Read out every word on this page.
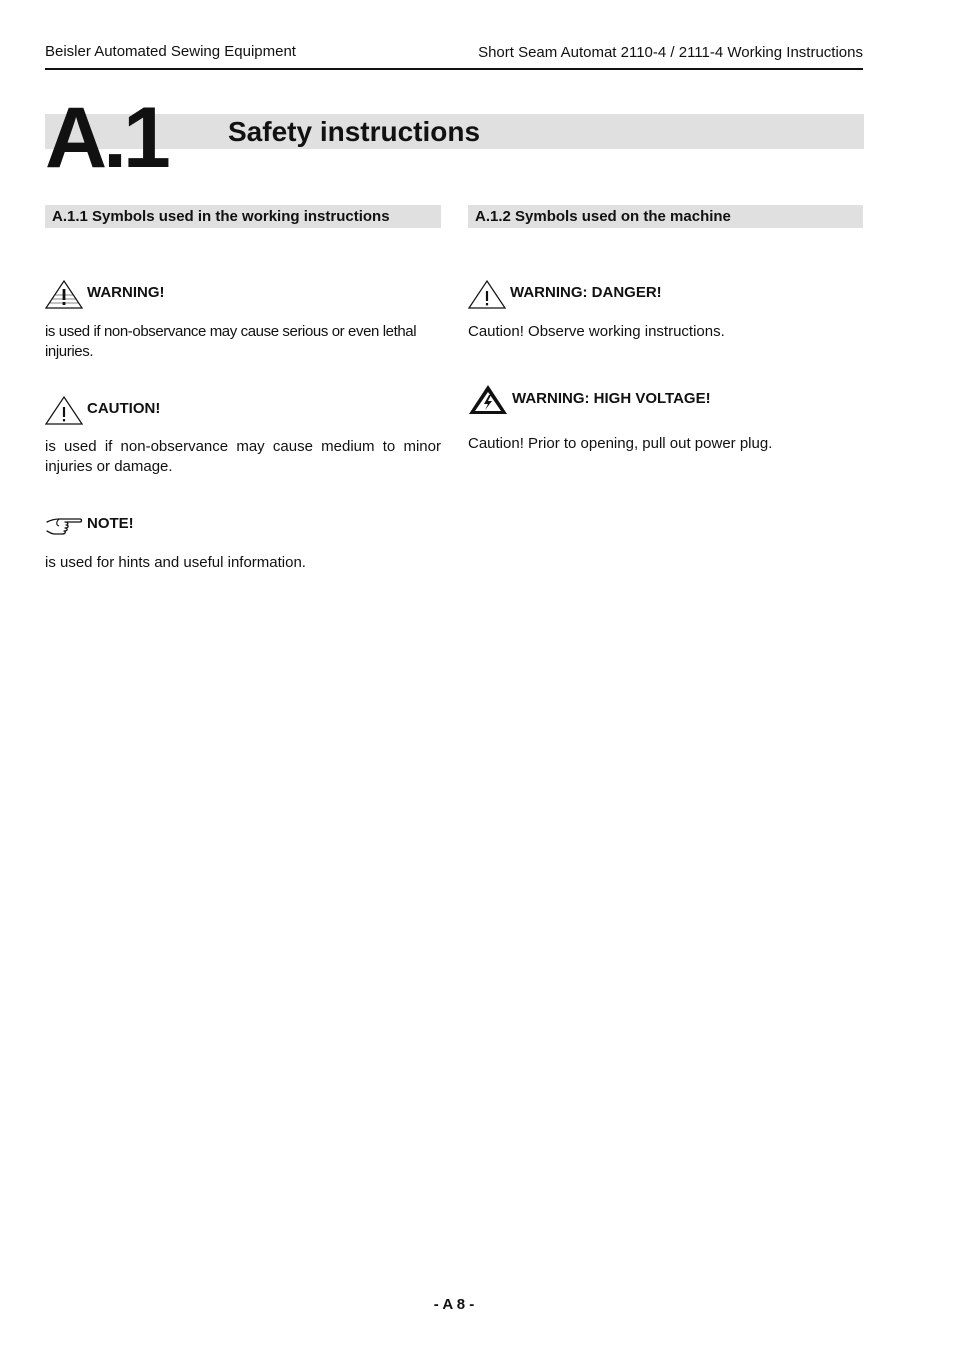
Beisler Automated Sewing Equipment	Short Seam Automat 2110-4 / 2111-4 Working Instructions
A.1 Safety instructions
A.1.1 Symbols used in the working instructions	A.1.2 Symbols used on the machine
WARNING!
is used if non-observance may cause serious or even lethal injuries.
CAUTION!
is used if non-observance may cause medium to minor injuries or damage.
NOTE!
is used for hints and useful information.
WARNING: DANGER!
Caution! Observe working instructions.
WARNING: HIGH VOLTAGE!
Caution! Prior to opening, pull out power plug.
- A 8 -
